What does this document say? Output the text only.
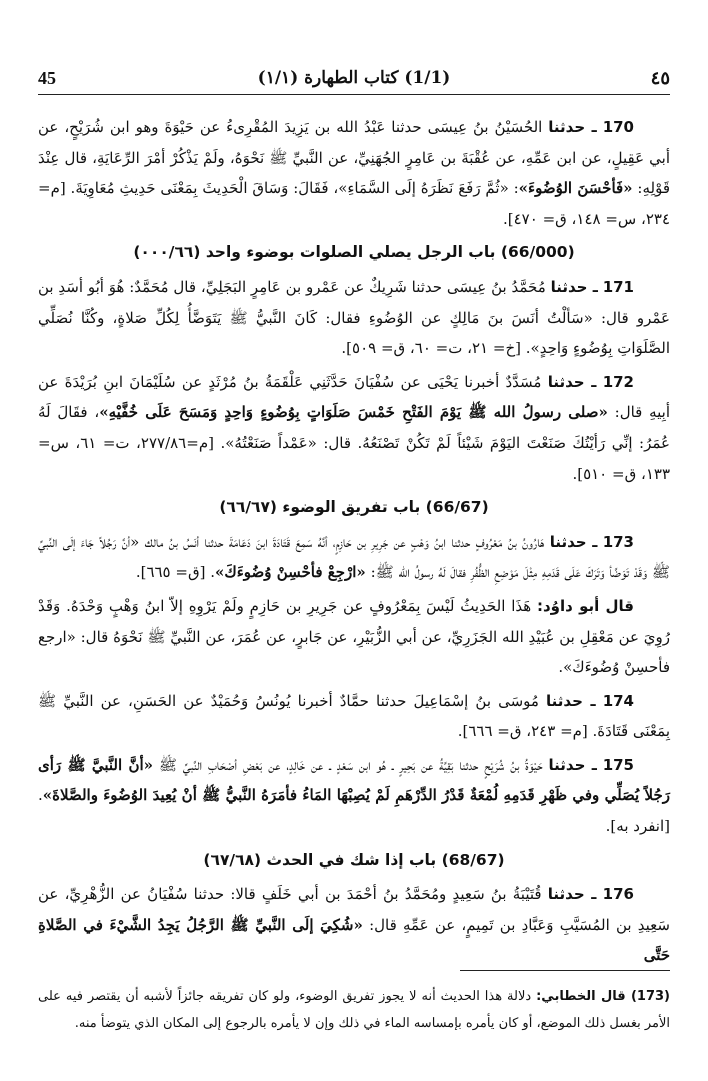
45	(1/1) كتاب الطهارة (١/١)	٤٥

170 ـ حدثنا الحُسَيْنُ بنُ عِيسَى حدثنا عَبْدُ الله بن يَزِيدَ المُقْرِىءُ عن حَيْوَةَ وهو ابن شُرَيْحٍ، عن أبي عَقِيلٍ، عن ابن عَمِّهِ، عن عُقْبَةَ بن عَامِرٍ الجُهَنِيِّ، عن النَّبيِّ ﷺ نَحْوَهُ، ولَمْ يَذْكُرْ أمْرَ الرِّعَايَةِ، قال عِنْدَ قَوْلِهِ: «فَأحْسَنَ الوُضُوءَ»: «ثُمَّ رَفَعَ نَظَرَهُ إلَى السَّمَاءِ»، فَقَالَ: وَسَاقَ الْحَدِيثَ بِمَعْنَى حَدِيثِ مُعَاوِيَةَ. [م= ٢٣٤، س= ١٤٨، ق= ٤٧٠].

(66/000) باب الرجل يصلي الصلوات بوضوء واحد (٠٠٠/٦٦)

171 ـ حدثنا مُحَمَّدُ بنُ عِيسَى حدثنا شَرِيكٌ عن عَمْرو بن عَامِرٍ البَجَلِيِّ، قال مُحَمَّدٌ: هُوَ أبُو أسَدِ بن عَمْرو قال: «سَألْتُ أنَسَ بنَ مَالِكٍ عن الوُضُوءِ فقال: كَانَ النَّبيُّ ﷺ يَتَوَضَّأُ لِكُلِّ صَلاةٍ، وكُنَّا نُصَلِّي الصَّلَوَاتِ بِوُضُوءٍ وَاحِدٍ». [خ= ٢١، ت= ٦٠، ق= ٥٠٩].

172 ـ حدثنا مُسَدَّدٌ أخبرنا يَحْيَى عن سُفْيَانَ حَدَّثَنِي عَلْقَمَةُ بنُ مُرْثَدٍ عن سُلَيْمَانَ ابنِ بُرَيْدَةَ عن أبِيهِ قال: «صلى رسولُ الله ﷺ يَوْمَ الفَتْحِ خَمْسَ صَلَوَاتٍ بِوُضُوءٍ وَاحِدٍ وَمَسَحَ عَلَى خُفَّيْهِ»، فقَالَ لَهُ عُمَرُ: إنِّي رَأيْتُكَ صَنَعْتَ اليَوْمَ شَيْئاً لَمْ تَكُنْ تَصْنَعُهُ. قال: «عَمْداً صَنَعْتُهُ». [م=٢٧٧/٨٦، ت= ٦١، س= ١٣٣، ق= ٥١٠].

(66/67) باب تفريق الوضوء (٦٦/٦٧)

173 ـ حدثنا هَارُونُ بنُ مَعْرُوفٍ حدثنا ابنُ وَهْبٍ عن جَرِيرِ بن حَازِمٍ، أنَّهُ سَمِعَ قَتَادَةَ ابنَ دَعَامَةَ حدثنا أنَسُ بنُ مالك «أنَّ رَجُلاً جَاءَ إلَى النَّبيِّ ﷺ وَقَدْ تَوَضَّأ وَتَرَكَ عَلَى قَدَمِهِ مِثْلَ مَوْضِعِ الظُّفُرِ فقالَ لَهُ رسولُ الله ﷺ: «ارْجِعْ فأحْسِنْ وُضُوءَكَ». [ق= ٦٦٥].

قال أبو داوُد: هَذَا الحَدِيثُ لَيْسَ بِمَعْرُوفٍ عن جَرِيرِ بن حَازِمٍ ولَمْ يَرْوِهِ إلاّ ابنُ وَهْبٍ وَحْدَهُ. وَقَدْ رُوِيَ عن مَعْقِلِ بن عُبَيْدِ الله الجَزَرِيِّ، عن أبي الزُّبَيْرِ، عن جَابرٍ، عن عُمَرَ، عن النَّبيِّ ﷺ نَحْوَهُ قال: «ارجع فأحسِنْ وُضُوءَكَ».

174 ـ حدثنا مُوسَى بنُ إسْمَاعِيلَ حدثنا حمَّادٌ أخبرنا يُونُسُ وَحُمَيْدٌ عن الحَسَنِ، عن النَّبيِّ ﷺ بِمَعْنَى قَتَادَةَ. [م= ٢٤٣، ق= ٦٦٦].

175 ـ حدثنا حَيْوَةُ بنُ شُرَيْحٍ حدثنا بَقِيَّةُ عن بَحِيرٍ ـ هُو ابن سَعْدٍ ـ عن خَالِدٍ، عن بَعْضِ أصْحَابِ النَّبيِّ ﷺ «أنَّ النَّبيَّ ﷺ رَأى رَجُلاً يُصَلِّي وفي ظَهْرِ قَدَمِهِ لُمْعَةٌ قَدْرُ الدِّرْهَمِ لَمْ يُصِبْهَا المَاءُ فأمَرَهُ النَّبيُّ ﷺ أنْ يُعِيدَ الوُضُوءَ والصَّلاةَ». [انفرد به].

(68/67) باب إذا شك في الحدث (٦٧/٦٨)

176 ـ حدثنا قُتَيْبَةُ بنُ سَعِيدٍ ومُحَمَّدُ بنُ أحْمَدَ بن أبي خَلَفٍ قالا: حدثنا سُفْيَانُ عن الزُّهْرِيِّ، عن سَعِيدِ بن المُسَيَّبِ وَعَبَّادِ بن تَمِيمٍ، عن عَمِّهِ قال: «شُكِيَ إلَى النَّبيِّ ﷺ الرَّجُلُ يَجِدُ الشَّيْءَ في الصَّلاةِ حَتَّى

(173) قال الخطابي: دلالة هذا الحديث أنه لا يجوز تفريق الوضوء، ولو كان تفريقه جائزاً لأشبه أن يقتصر فيه على الأمر بغسل ذلك الموضع، أو كان يأمره بإمساسه الماء في ذلك وإن لا يأمره بالرجوع إلى المكان الذي يتوضأ منه.
